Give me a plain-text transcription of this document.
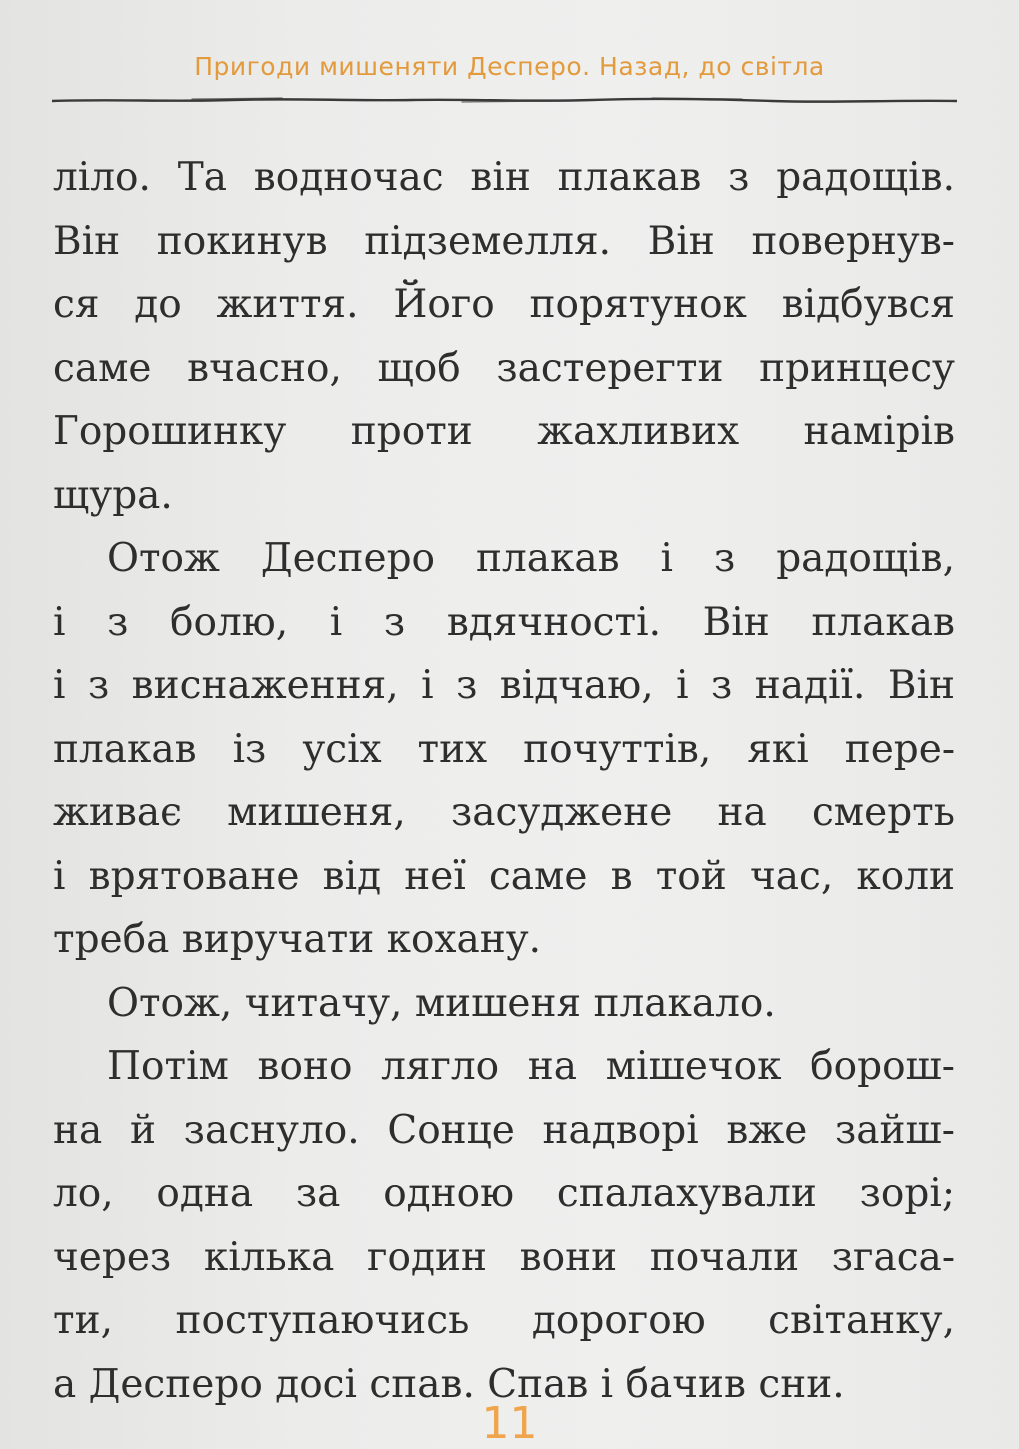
Пригоди мишеняти Десперо. Назад, до світла

ліло. Та водночас він плакав з радощів.
Він покинув підземелля. Він повернув-
ся до життя. Його порятунок відбувся
саме вчасно, щоб застерегти принцесу
Горошинку проти жахливих намірів
щура.

Отож Десперо плакав і з радощів,
і з болю, і з вдячності. Він плакав
і з виснаження, і з відчаю, і з надії. Він
плакав із усіх тих почуттів, які пере-
живає мишеня, засуджене на смерть
і врятоване від неї саме в той час, коли
треба виручати кохану.

Отож, читачу, мишеня плакало.

Потім воно лягло на мішечок борош-
на й заснуло. Сонце надворі вже зайш-
ло, одна за одною спалахували зорі;
через кілька годин вони почали згаса-
ти, поступаючись дорогою світанку,
а Десперо досі спав. Спав і бачив сни.

11
